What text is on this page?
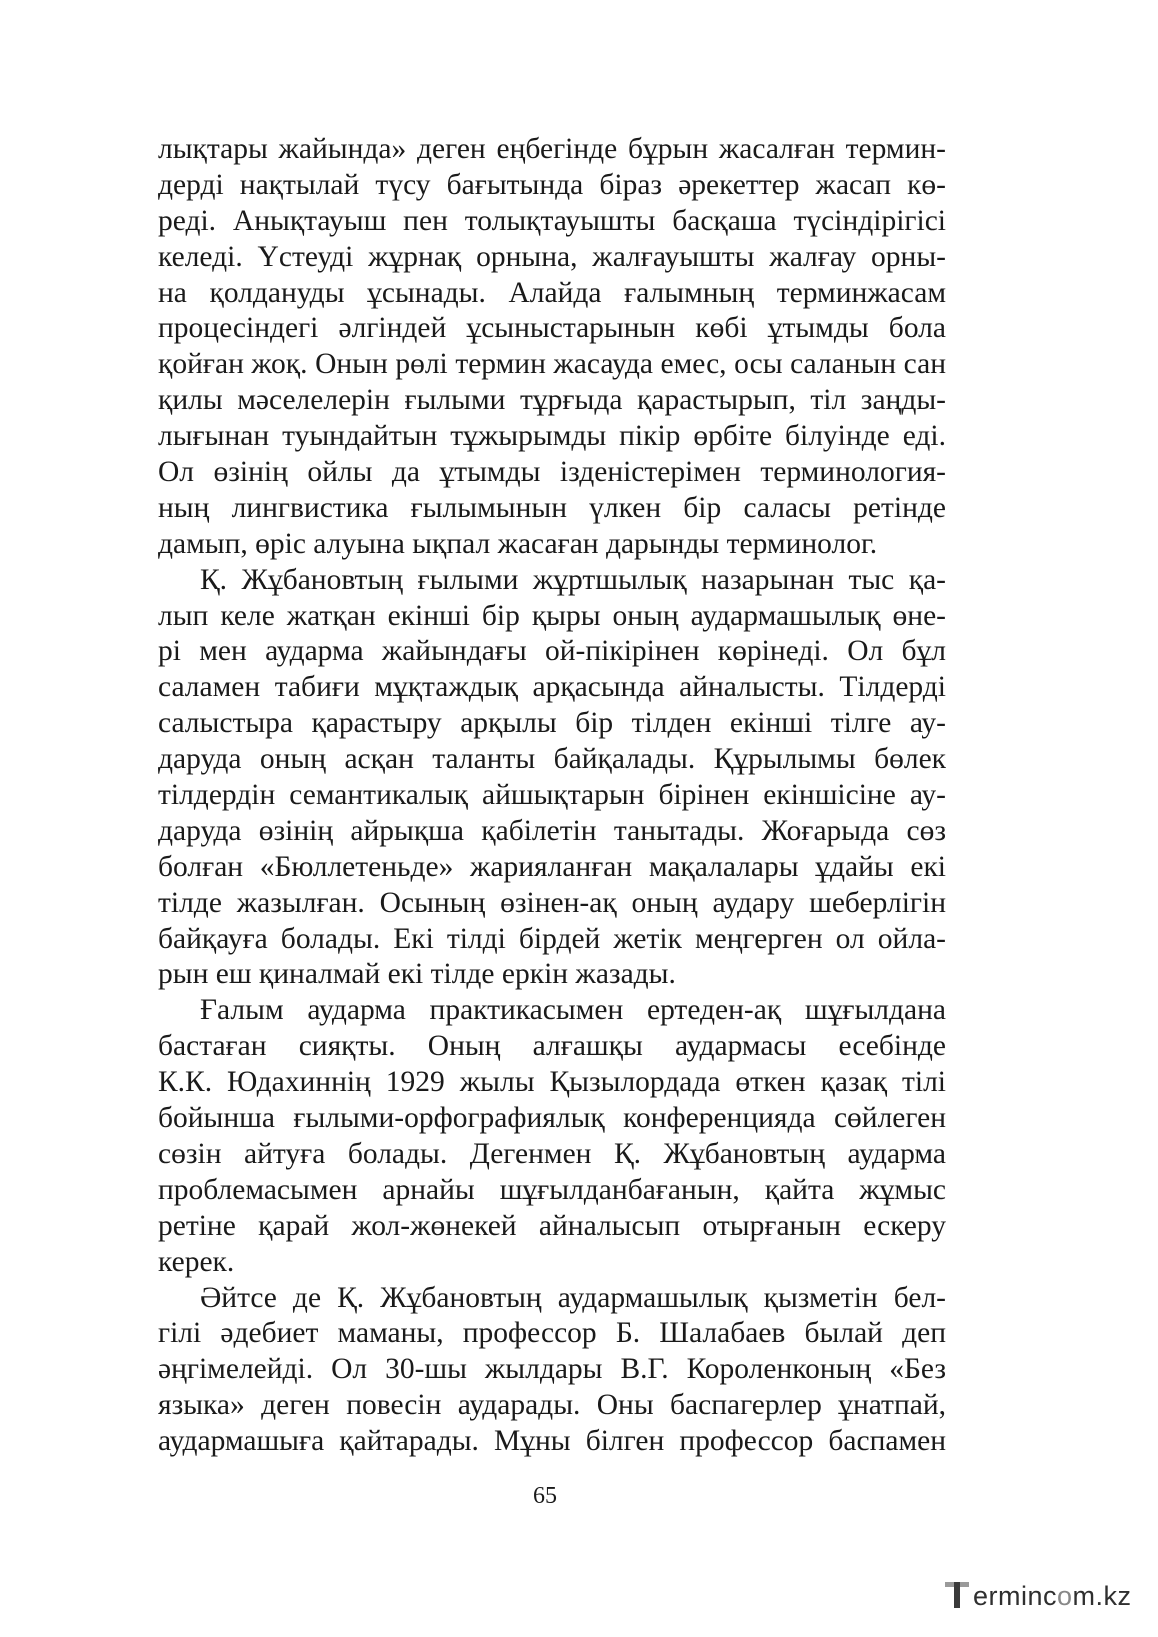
лықтары жайында» деген еңбегінде бұрын жасалған термин-
дерді нақтылай түсу бағытында біраз әрекеттер жасап кө-
реді. Анықтауыш пен толықтауышты басқаша түсіндірігісі
келеді. Үстеуді жұрнақ орнына, жалғауышты жалғау орны-
на қолдануды ұсынады. Алайда ғалымның терминжасам
процесіндегі әлгіндей ұсыныстарынын көбі ұтымды бола
қойған жоқ. Онын рөлі термин жасауда емес, осы саланын сан
қилы мәселелерін ғылыми тұрғыда қарастырып, тіл заңды-
лығынан туындайтын тұжырымды пікір өрбіте білуінде еді.
Ол өзінің ойлы да ұтымды ізденістерімен терминология-
ның лингвистика ғылымынын үлкен бір саласы ретінде
дамып, өріс алуына ықпал жасаған дарынды терминолог.
Қ. Жұбановтың ғылыми жұртшылық назарынан тыс қа-
лып келе жатқан екінші бір қыры оның аудармашылық өне-
рі мен аударма жайындағы ой-пікірінен көрінеді. Ол бұл
саламен табиғи мұқтаждық арқасында айналысты. Тілдерді
салыстыра қарастыру арқылы бір тілден екінші тілге ау-
даруда оның асқан таланты байқалады. Құрылымы бөлек
тілдердін семантикалық айшықтарын бірінен екіншісіне ау-
даруда өзінің айрықша қабілетін танытады. Жоғарыда сөз
болған «Бюллетеньде» жарияланған мақалалары ұдайы екі
тілде жазылған. Осының өзінен-ақ оның аудару шеберлігін
байқауға болады. Екі тілді бірдей жетік меңгерген ол ойла-
рын еш қиналмай екі тілде еркін жазады.
Ғалым аударма практикасымен ертеден-ақ шұғылдана
бастаған сияқты. Оның алғашқы аудармасы есебінде
К.К. Юдахиннің 1929 жылы Қызылордада өткен қазақ тілі
бойынша ғылыми-орфографиялық конференцияда сөйлеген
сөзін айтуға болады. Дегенмен Қ. Жұбановтың аударма
проблемасымен арнайы шұғылданбағанын, қайта жұмыс
ретіне қарай жол-жөнекей айналысып отырғанын ескеру
керек.
Әйтсе де Қ. Жұбановтың аудармашылық қызметін бел-
гілі әдебиет маманы, профессор Б. Шалабаев былай деп
әңгімелейді. Ол 30-шы жылдары В.Г. Короленконың «Без
языка» деген повесін аударады. Оны баспагерлер ұнатпай,
аудармашыға қайтарады. Мұны білген профессор баспамен
65
ermincom.kz
